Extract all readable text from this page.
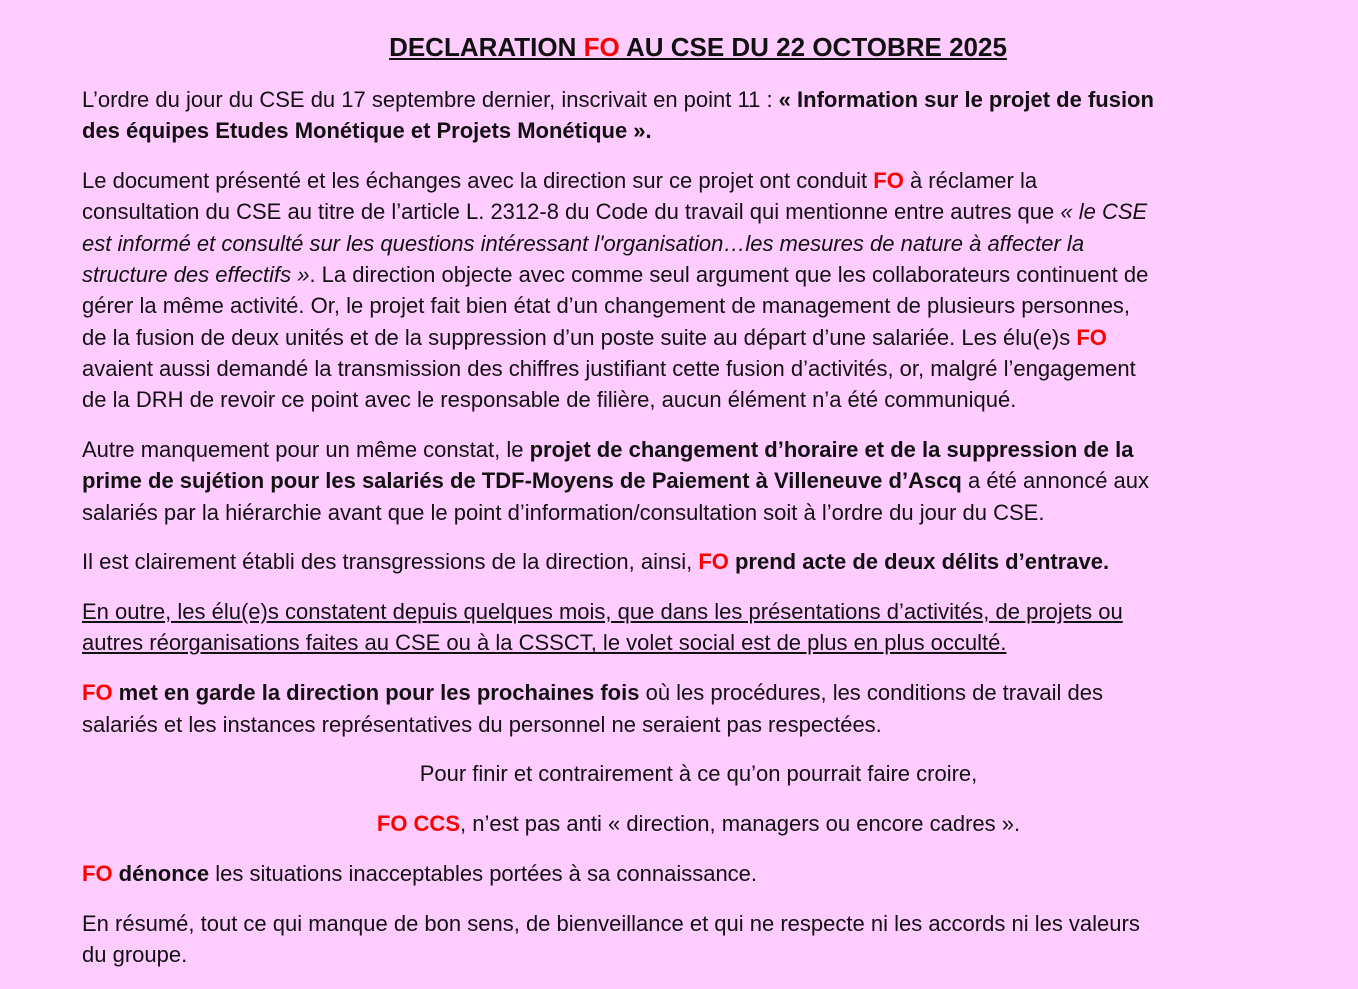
DECLARATION FO AU CSE DU 22 OCTOBRE 2025
L’ordre du jour du CSE du 17 septembre dernier, inscrivait en point 11 : « Information sur le projet de fusion
des équipes Etudes Monétique et Projets Monétique ».
Le document présenté et les échanges avec la direction sur ce projet ont conduit FO à réclamer la
consultation du CSE au titre de l’article L. 2312-8 du Code du travail qui mentionne entre autres que « le CSE
est informé et consulté sur les questions intéressant l'organisation…les mesures de nature à affecter la
structure des effectifs ». La direction objecte avec comme seul argument que les collaborateurs continuent de
gérer la même activité. Or, le projet fait bien état d’un changement de management de plusieurs personnes,
de la fusion de deux unités et de la suppression d’un poste suite au départ d’une salariée. Les élu(e)s FO
avaient aussi demandé la transmission des chiffres justifiant cette fusion d’activités, or, malgré l’engagement
de la DRH de revoir ce point avec le responsable de filière, aucun élément n’a été communiqué.
Autre manquement pour un même constat, le projet de changement d’horaire et de la suppression de la
prime de sujétion pour les salariés de TDF-Moyens de Paiement à Villeneuve d’Ascq a été annoncé aux
salariés par la hiérarchie avant que le point d’information/consultation soit à l’ordre du jour du CSE.
Il est clairement établi des transgressions de la direction, ainsi, FO prend acte de deux délits d’entrave.
En outre, les élu(e)s constatent depuis quelques mois, que dans les présentations d’activités, de projets ou
autres réorganisations faites au CSE ou à la CSSCT, le volet social est de plus en plus occulté.
FO met en garde la direction pour les prochaines fois où les procédures, les conditions de travail des
salariés et les instances représentatives du personnel ne seraient pas respectées.
Pour finir et contrairement à ce qu’on pourrait faire croire,
FO CCS, n’est pas anti « direction, managers ou encore cadres ».
FO dénonce les situations inacceptables portées à sa connaissance.
En résumé, tout ce qui manque de bon sens, de bienveillance et qui ne respecte ni les accords ni les valeurs
du groupe.
